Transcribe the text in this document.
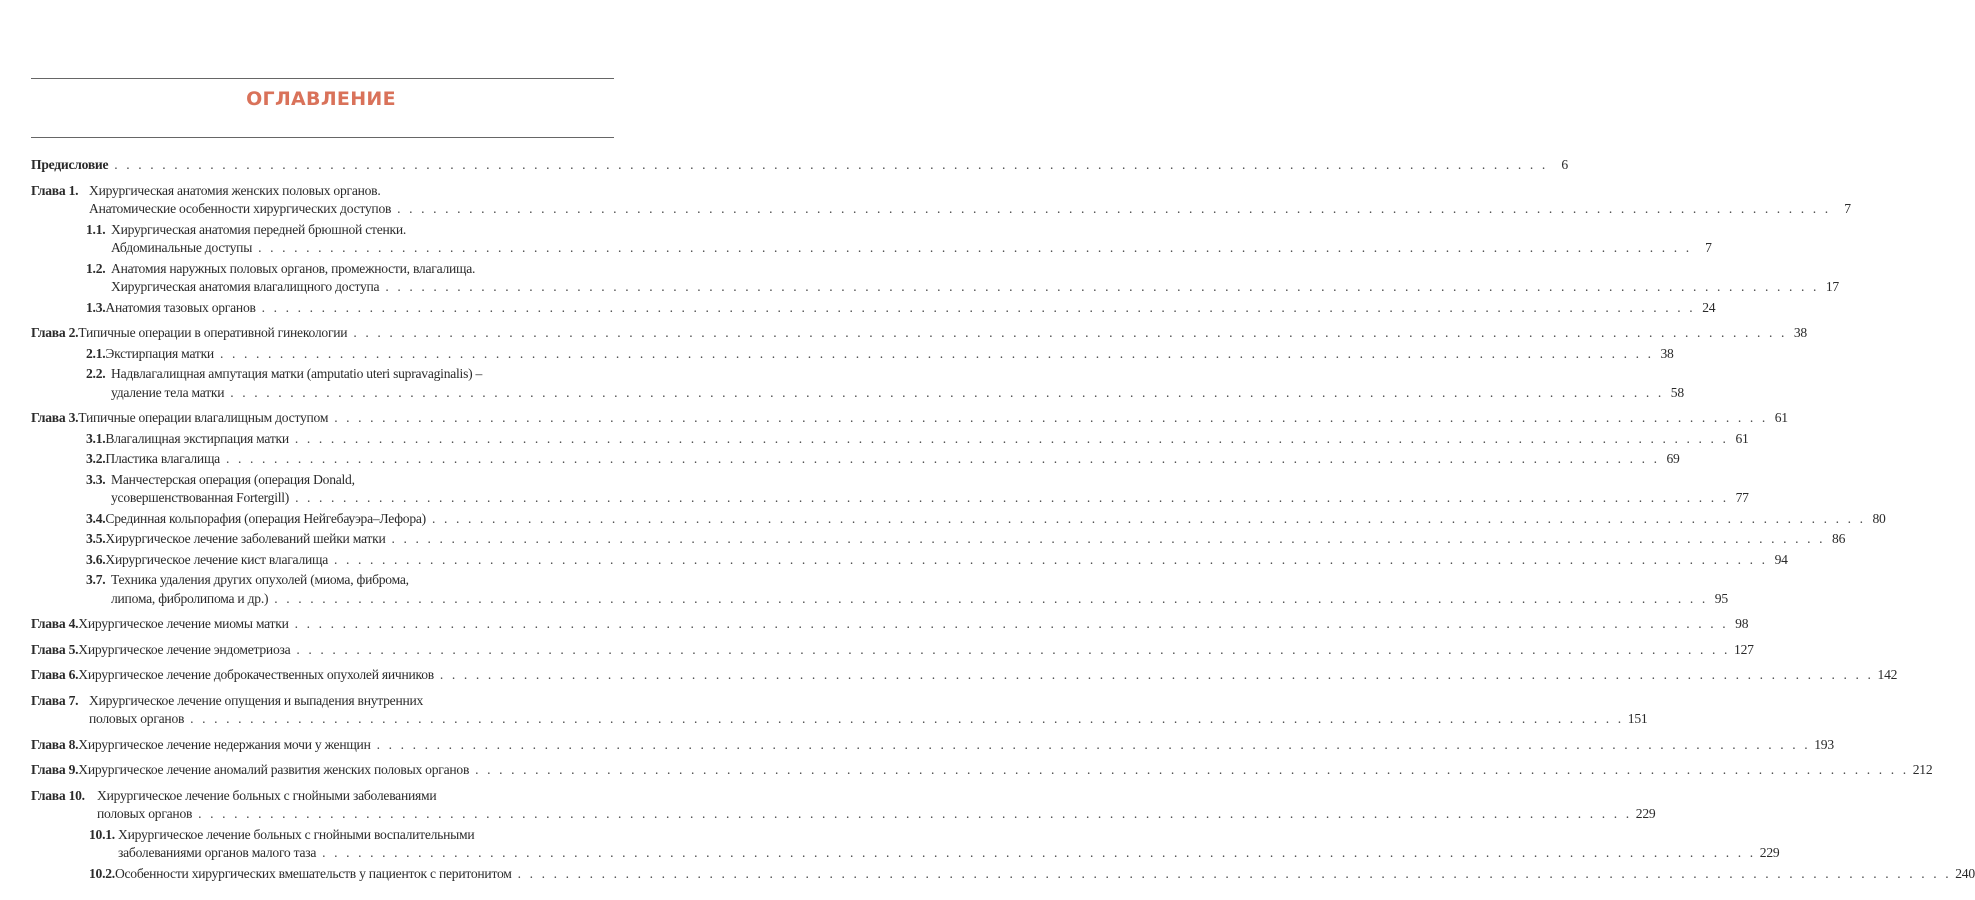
ОГЛАВЛЕНИЕ
Предисловие . . . . . . . . . . . . . . . . . . . . . . . . . . . . . . . . . . . . . . . . . . . . . . . . . . . . . . . . . . . . . . . . . . . . . . . . . . . . . . . . . . . . . . . . . . . . . . . . . . . . . . . . . . . . . . . . . . . . . . . . 6
Глава 1. Хирургическая анатомия женских половых органов.
Анатомические особенности хирургических доступов . . . . . . . . . . . . . . . . . . . . . . . . . . . . . . . . . . . . . . . . . . . . . . . . . . . . . . . . . . . . . . . . . . . . . . . . . . . . . . . . . . . . . . . . . . . . . . . . . . . . . . . . . . . . . . . . . . . . . . . . 7
1.1. Хирургическая анатомия передней брюшной стенки.
Абдоминальные доступы . . . . . . . . . . . . . . . . . . . . . . . . . . . . . . . . . . . . . . . . . . . . . . . . . . . . . . . . . . . . . . . . . . . . . . . . . . . . . . . . . . . . . . . . . . . . . . . . . . . . . . . . . . . . . . . . . . . . . . . . 7
1.2. Анатомия наружных половых органов, промежности, влагалища.
Хирургическая анатомия влагалищного доступа . . . . . . . . . . . . . . . . . . . . . . . . . . . . . . . . . . . . . . . . . . . . . . . . . . . . . . . . . . . . . . . . . . . . . . . . . . . . . . . . . . . . . . . . . . . . . . . . . . . . . . . . . . . . . . . . . . . . . . . . 17
1.3. Анатомия тазовых органов . . . . . . . . . . . . . . . . . . . . . . . . . . . . . . . . . . . . . . . . . . . . . . . . . . . . . . . . . . . . . . . . . . . . . . . . . . . . . . . . . . . . . . . . . . . . . . . . . . . . . . . . . . . . . . . . . . . . . . . . 24
Глава 2. Типичные операции в оперативной гинекологии . . . . . . . . . . . . . . . . . . . . . . . . . . . . . . . . . . . . . . . . . . . . . . . . . . . . . . . . . . . . . . . . . . . . . . . . . . . . . . . . . . . . . . . . . . . . . . . . . . . . . . . . . . . . . . . . . . . . . . . . 38
2.1. Экстирпация матки . . . . . . . . . . . . . . . . . . . . . . . . . . . . . . . . . . . . . . . . . . . . . . . . . . . . . . . . . . . . . . . . . . . . . . . . . . . . . . . . . . . . . . . . . . . . . . . . . . . . . . . . . . . . . . . . . . . . . . . . 38
2.2. Надвлагалищная ампутация матки (amputatio uteri supravaginalis) –
удаление тела матки . . . . . . . . . . . . . . . . . . . . . . . . . . . . . . . . . . . . . . . . . . . . . . . . . . . . . . . . . . . . . . . . . . . . . . . . . . . . . . . . . . . . . . . . . . . . . . . . . . . . . . . . . . . . . . . . . . . . . . . . 58
Глава 3. Типичные операции влагалищным доступом . . . . . . . . . . . . . . . . . . . . . . . . . . . . . . . . . . . . . . . . . . . . . . . . . . . . . . . . . . . . . . . . . . . . . . . . . . . . . . . . . . . . . . . . . . . . . . . . . . . . . . . . . . . . . . . . . . . . . . . . 61
3.1. Влагалищная экстирпация матки . . . . . . . . . . . . . . . . . . . . . . . . . . . . . . . . . . . . . . . . . . . . . . . . . . . . . . . . . . . . . . . . . . . . . . . . . . . . . . . . . . . . . . . . . . . . . . . . . . . . . . . . . . . . . . . . . . . . . . . . 61
3.2. Пластика влагалища . . . . . . . . . . . . . . . . . . . . . . . . . . . . . . . . . . . . . . . . . . . . . . . . . . . . . . . . . . . . . . . . . . . . . . . . . . . . . . . . . . . . . . . . . . . . . . . . . . . . . . . . . . . . . . . . . . . . . . . . 69
3.3. Манчестерская операция (операция Donald,
усовершенствованная Fortergill) . . . . . . . . . . . . . . . . . . . . . . . . . . . . . . . . . . . . . . . . . . . . . . . . . . . . . . . . . . . . . . . . . . . . . . . . . . . . . . . . . . . . . . . . . . . . . . . . . . . . . . . . . . . . . . . . . . . . . . . . 77
3.4. Срединная кольпорафия (операция Нейгебауэра–Лефора) . . . . . . . . . . . . . . . . . . . . . . . . . . . . . . . . . . . . . . . . . . . . . . . . . . . . . . . . . . . . . . . . . . . . . . . . . . . . . . . . . . . . . . . . . . . . . . . . . . . . . . . . . . . . . . . . . . . . . . . . 80
3.5. Хирургическое лечение заболеваний шейки матки . . . . . . . . . . . . . . . . . . . . . . . . . . . . . . . . . . . . . . . . . . . . . . . . . . . . . . . . . . . . . . . . . . . . . . . . . . . . . . . . . . . . . . . . . . . . . . . . . . . . . . . . . . . . . . . . . . . . . . . . 86
3.6. Хирургическое лечение кист влагалища . . . . . . . . . . . . . . . . . . . . . . . . . . . . . . . . . . . . . . . . . . . . . . . . . . . . . . . . . . . . . . . . . . . . . . . . . . . . . . . . . . . . . . . . . . . . . . . . . . . . . . . . . . . . . . . . . . . . . . . . 94
3.7. Техника удаления других опухолей (миома, фиброма,
липома, фибролипома и др.) . . . . . . . . . . . . . . . . . . . . . . . . . . . . . . . . . . . . . . . . . . . . . . . . . . . . . . . . . . . . . . . . . . . . . . . . . . . . . . . . . . . . . . . . . . . . . . . . . . . . . . . . . . . . . . . . . . . . . . . . 95
Глава 4. Хирургическое лечение миомы матки . . . . . . . . . . . . . . . . . . . . . . . . . . . . . . . . . . . . . . . . . . . . . . . . . . . . . . . . . . . . . . . . . . . . . . . . . . . . . . . . . . . . . . . . . . . . . . . . . . . . . . . . . . . . . . . . . . . . . . . . 98
Глава 5. Хирургическое лечение эндометриоза . . . . . . . . . . . . . . . . . . . . . . . . . . . . . . . . . . . . . . . . . . . . . . . . . . . . . . . . . . . . . . . . . . . . . . . . . . . . . . . . . . . . . . . . . . . . . . . . . . . . . . . . . . . . . . . . . . . . . . . . 127
Глава 6. Хирургическое лечение доброкачественных опухолей яичников . . . . . . . . . . . . . . . . . . . . . . . . . . . . . . . . . . . . . . . . . . . . . . . . . . . . . . . . . . . . . . . . . . . . . . . . . . . . . . . . . . . . . . . . . . . . . . . . . . . . . . . . . . . . . . . . . . . . . . . . 142
Глава 7. Хирургическое лечение опущения и выпадения внутренних
половых органов . . . . . . . . . . . . . . . . . . . . . . . . . . . . . . . . . . . . . . . . . . . . . . . . . . . . . . . . . . . . . . . . . . . . . . . . . . . . . . . . . . . . . . . . . . . . . . . . . . . . . . . . . . . . . . . . . . . . . . . . 151
Глава 8. Хирургическое лечение недержания мочи у женщин . . . . . . . . . . . . . . . . . . . . . . . . . . . . . . . . . . . . . . . . . . . . . . . . . . . . . . . . . . . . . . . . . . . . . . . . . . . . . . . . . . . . . . . . . . . . . . . . . . . . . . . . . . . . . . . . . . . . . . . . 193
Глава 9. Хирургическое лечение аномалий развития женских половых органов . . . . . . . . . . . . . . . . . . . . . . . . . . . . . . . . . . . . . . . . . . . . . . . . . . . . . . . . . . . . . . . . . . . . . . . . . . . . . . . . . . . . . . . . . . . . . . . . . . . . . . . . . . . . . . . . . . . . . . . . 212
Глава 10. Хирургическое лечение больных с гнойными заболеваниями
половых органов . . . . . . . . . . . . . . . . . . . . . . . . . . . . . . . . . . . . . . . . . . . . . . . . . . . . . . . . . . . . . . . . . . . . . . . . . . . . . . . . . . . . . . . . . . . . . . . . . . . . . . . . . . . . . . . . . . . . . . . . 229
10.1. Хирургическое лечение больных с гнойными воспалительными
заболеваниями органов малого таза . . . . . . . . . . . . . . . . . . . . . . . . . . . . . . . . . . . . . . . . . . . . . . . . . . . . . . . . . . . . . . . . . . . . . . . . . . . . . . . . . . . . . . . . . . . . . . . . . . . . . . . . . . . . . . . . . . . . . . . . 229
10.2. Особенности хирургических вмешательств у пациенток с перитонитом . . . . . . . . . . . . . . . . . . . . . . . . . . . . . . . . . . . . . . . . . . . . . . . . . . . . . . . . . . . . . . . . . . . . . . . . . . . . . . . . . . . . . . . . . . . . . . . . . . . . . . . . . . . . . . . . . . . . . . . . 240
